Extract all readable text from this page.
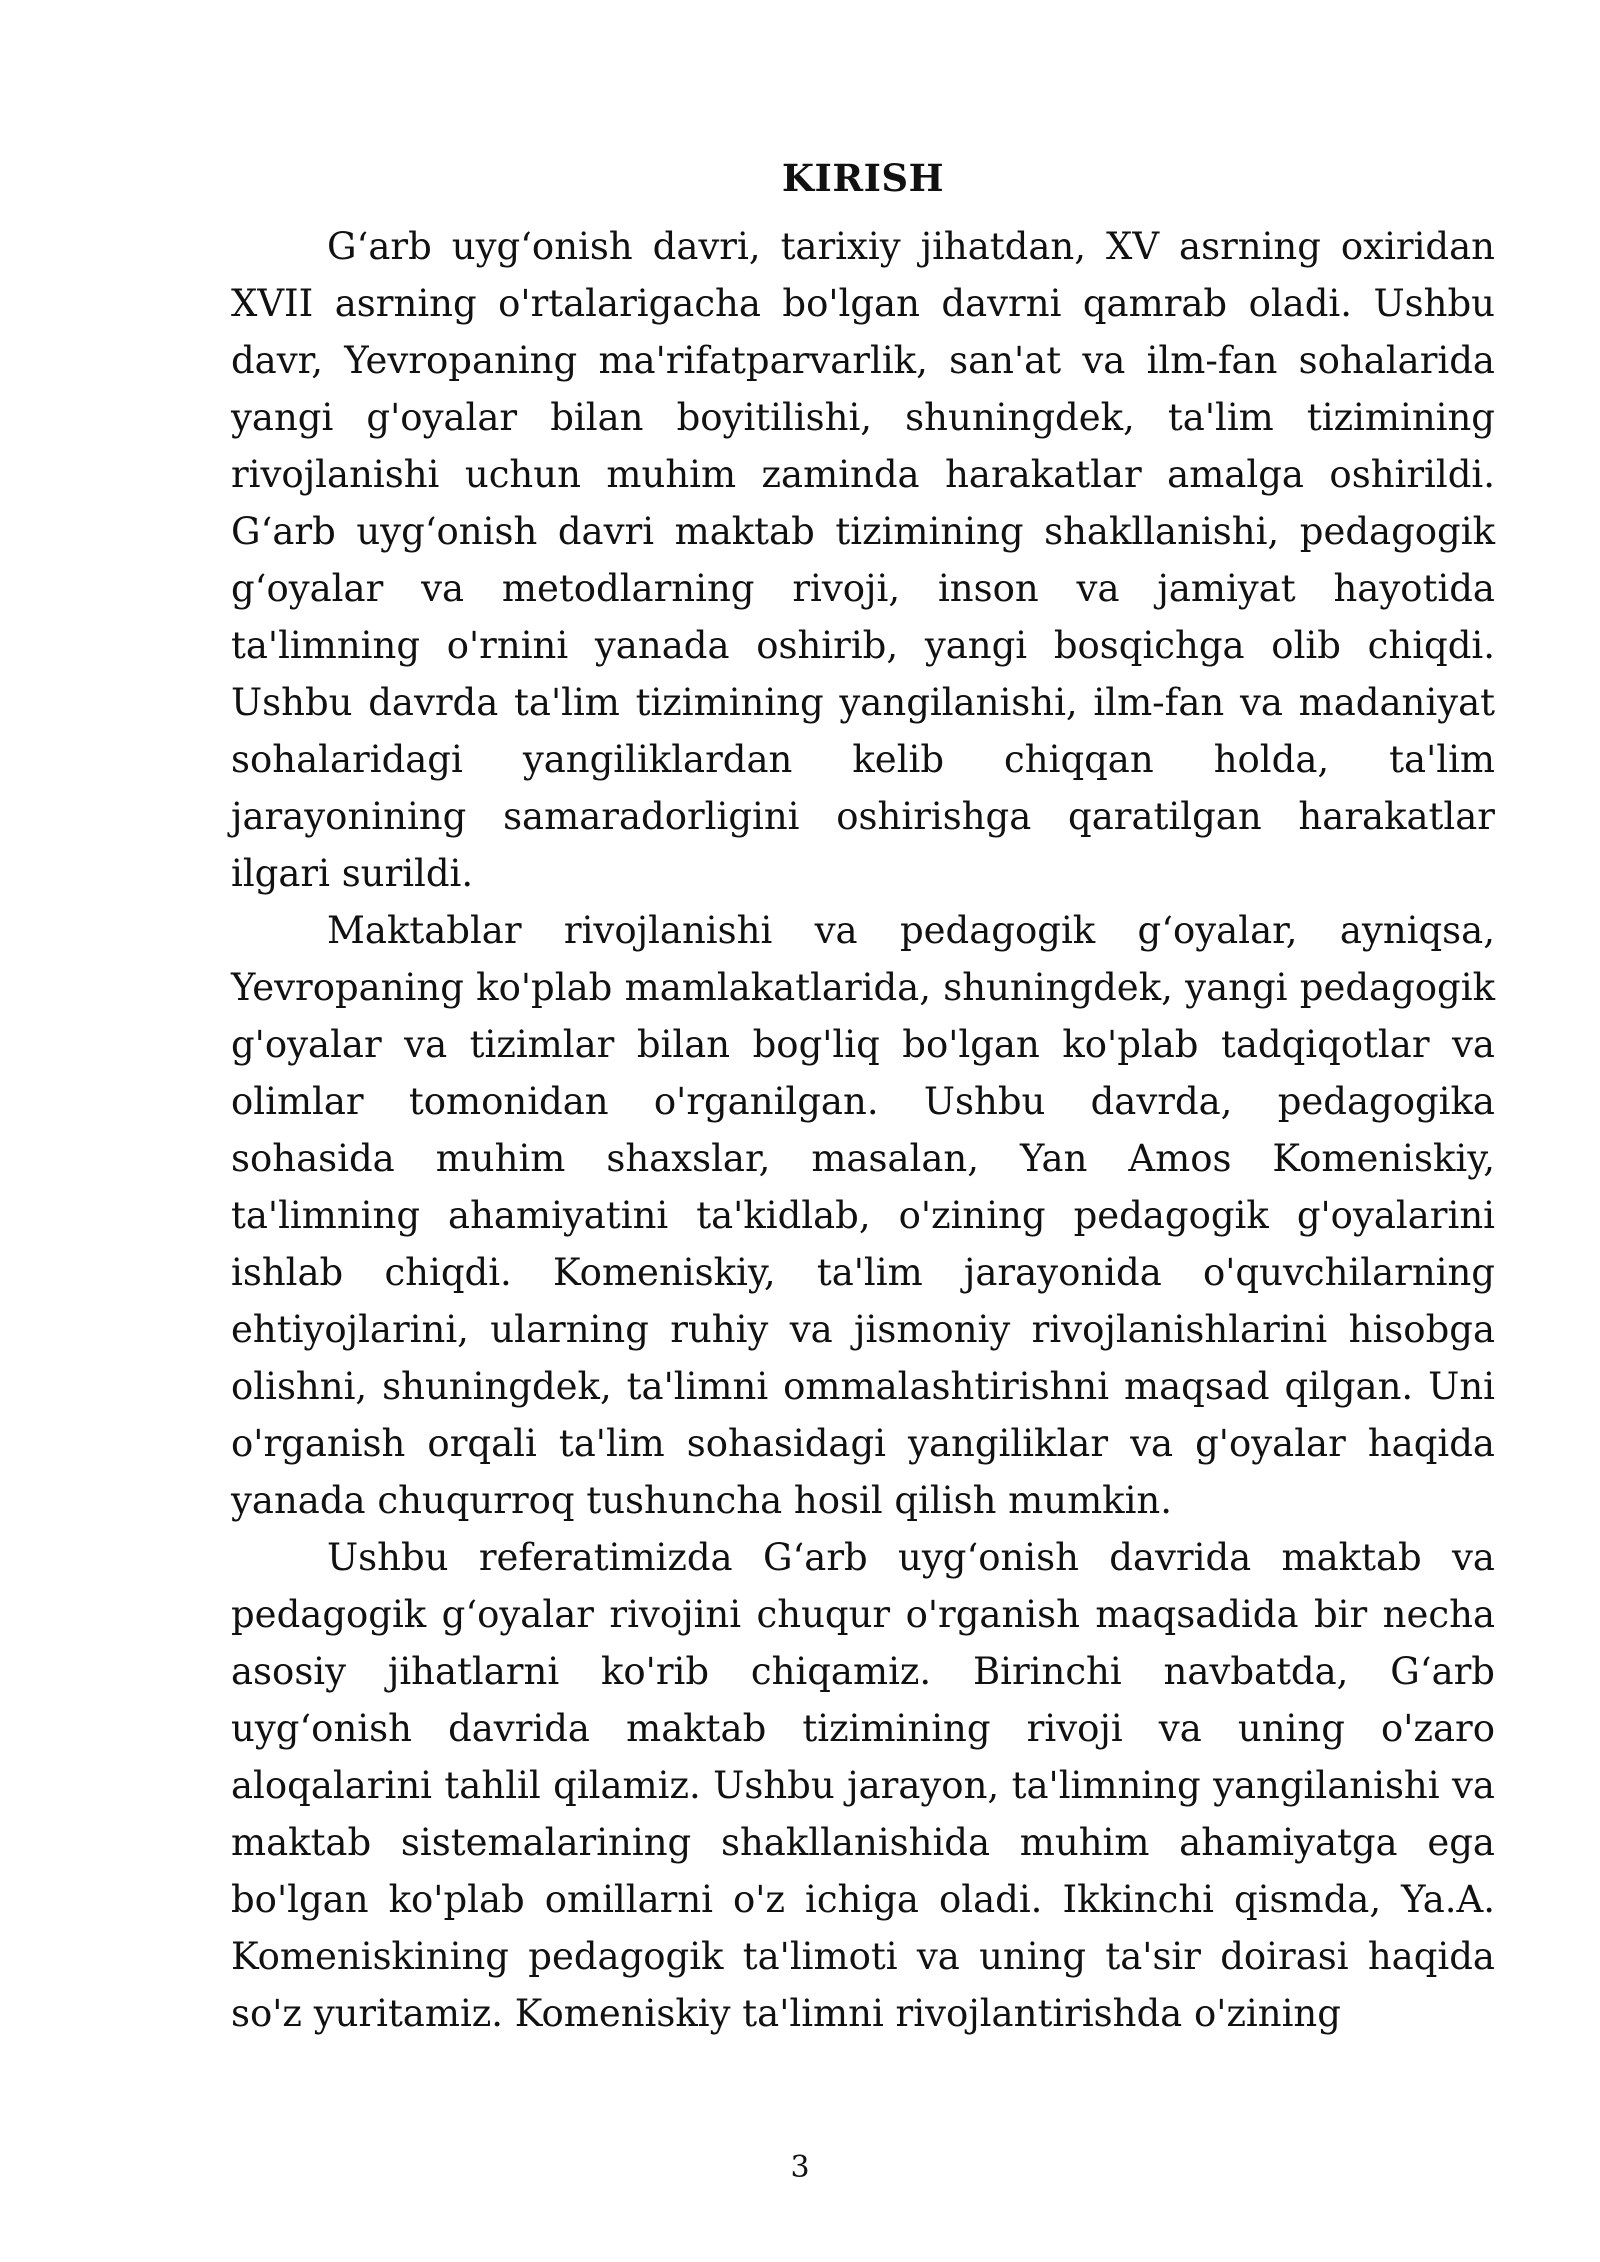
KIRISH

G‘arb uyg‘onish davri, tarixiy jihatdan, XV asrning oxiridan XVII asrning o'rtalarigacha bo'lgan davrni qamrab oladi. Ushbu davr, Yevropaning ma'rifatparvarlik, san'at va ilm-fan sohalarida yangi g'oyalar bilan boyitilishi, shuningdek, ta'lim tizimining rivojlanishi uchun muhim zaminda harakatlar amalga oshirildi. G‘arb uyg‘onish davri maktab tizimining shakllanishi, pedagogik g‘oyalar va metodlarning rivoji, inson va jamiyat hayotida ta'limning o'rnini yanada oshirib, yangi bosqichga olib chiqdi. Ushbu davrda ta'lim tizimining yangilanishi, ilm-fan va madaniyat sohalaridagi yangiliklardan kelib chiqqan holda, ta'lim jarayonining samaradorligini oshirishga qaratilgan harakatlar ilgari surildi.

Maktablar rivojlanishi va pedagogik g‘oyalar, ayniqsa, Yevropaning ko'plab mamlakatlarida, shuningdek, yangi pedagogik g'oyalar va tizimlar bilan bog'liq bo'lgan ko'plab tadqiqotlar va olimlar tomonidan o'rganilgan. Ushbu davrda, pedagogika sohasida muhim shaxslar, masalan, Yan Amos Komeniskiy, ta'limning ahamiyatini ta'kidlab, o'zining pedagogik g'oyalarini ishlab chiqdi. Komeniskiy, ta'lim jarayonida o'quvchilarning ehtiyojlarini, ularning ruhiy va jismoniy rivojlanishlarini hisobga olishni, shuningdek, ta'limni ommalashtirishni maqsad qilgan. Uni o'rganish orqali ta'lim sohasidagi yangiliklar va g'oyalar haqida yanada chuqurroq tushuncha hosil qilish mumkin.

Ushbu referatimizda G‘arb uyg‘onish davrida maktab va pedagogik g‘oyalar rivojini chuqur o'rganish maqsadida bir necha asosiy jihatlarni ko'rib chiqamiz. Birinchi navbatda, G‘arb uyg‘onish davrida maktab tizimining rivoji va uning o'zaro aloqalarini tahlil qilamiz. Ushbu jarayon, ta'limning yangilanishi va maktab sistemalarining shakllanishida muhim ahamiyatga ega bo'lgan ko'plab omillarni o'z ichiga oladi. Ikkinchi qismda, Ya.A. Komeniskining pedagogik ta'limoti va uning ta'sir doirasi haqida so'z yuritamiz. Komeniskiy ta'limni rivojlantirishda o'zining

3
